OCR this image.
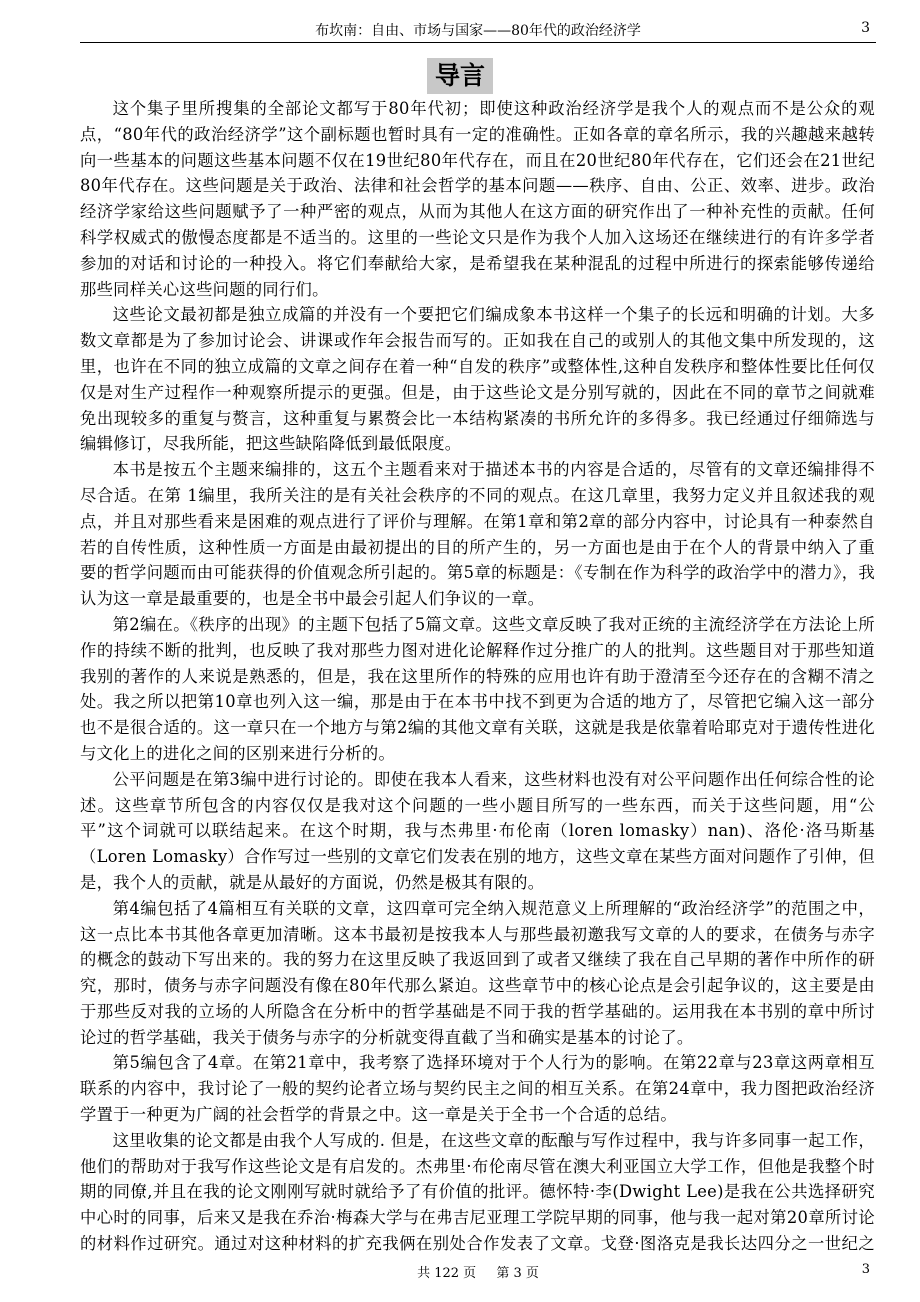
布坎南：自由、市场与国家——80年代的政治经济学	3
导言

这个集子里所搜集的全部论文都写于80年代初；即使这种政治经济学是我个人的观点而不是公众的观点，“80年代的政治经济学”这个副标题也暂时具有一定的准确性。正如各章的章名所示，我的兴趣越来越转向一些基本的问题这些基本问题不仅在19世纪80年代存在，而且在20世纪80年代存在，它们还会在21世纪80年代存在。这些问题是关于政治、法律和社会哲学的基本问题——秩序、自由、公正、效率、进步。政治经济学家给这些问题赋予了一种严密的观点，从而为其他人在这方面的研究作出了一种补充性的贡献。任何科学权威式的傲慢态度都是不适当的。这里的一些论文只是作为我个人加入这场还在继续进行的有许多学者参加的对话和讨论的一种投入。将它们奉献给大家，是希望我在某种混乱的过程中所进行的探索能够传递给那些同样关心这些问题的同行们。

这些论文最初都是独立成篇的并没有一个要把它们编成象本书这样一个集子的长远和明确的计划。大多数文章都是为了参加讨论会、讲课或作年会报告而写的。正如我在自己的或别人的其他文集中所发现的，这里，也许在不同的独立成篇的文章之间存在着一种“自发的秩序”或整体性,这种自发秩序和整体性要比任何仅仅是对生产过程作一种观察所提示的更强。但是，由于这些论文是分别写就的，因此在不同的章节之间就难免出现较多的重复与赘言，这种重复与累赘会比一本结构紧凑的书所允许的多得多。我已经通过仔细筛选与编辑修订，尽我所能，把这些缺陷降低到最低限度。

本书是按五个主题来编排的，这五个主题看来对于描述本书的内容是合适的，尽管有的文章还编排得不尽合适。在第 1编里，我所关注的是有关社会秩序的不同的观点。在这几章里，我努力定义并且叙述我的观点，并且对那些看来是困难的观点进行了评价与理解。在第1章和第2章的部分内容中，讨论具有一种泰然自若的自传性质，这种性质一方面是由最初提出的目的所产生的，另一方面也是由于在个人的背景中纳入了重要的哲学问题而由可能获得的价值观念所引起的。第5章的标题是：《专制在作为科学的政治学中的潜力》，我认为这一章是最重要的，也是全书中最会引起人们争议的一章。

第2编在。《秩序的出现》的主题下包括了5篇文章。这些文章反映了我对正统的主流经济学在方法论上所作的持续不断的批判，也反映了我对那些力图对进化论解释作过分推广的人的批判。这些题目对于那些知道我别的著作的人来说是熟悉的，但是，我在这里所作的特殊的应用也许有助于澄清至今还存在的含糊不清之处。我之所以把第10章也列入这一编，那是由于在本书中找不到更为合适的地方了，尽管把它编入这一部分也不是很合适的。这一章只在一个地方与第2编的其他文章有关联，这就是我是依靠着哈耶克对于遗传性进化与文化上的进化之间的区别来进行分析的。

公平问题是在第3编中进行讨论的。即使在我本人看来，这些材料也没有对公平问题作出任何综合性的论述。这些章节所包含的内容仅仅是我对这个问题的一些小题目所写的一些东西，而关于这些问题，用“公平”这个词就可以联结起来。在这个时期，我与杰弗里·布伦南（loren lomasky）nan)、洛伦·洛马斯基（Loren Lomasky）合作写过一些别的文章它们发表在别的地方，这些文章在某些方面对问题作了引伸，但是，我个人的贡献，就是从最好的方面说，仍然是极其有限的。

第4编包括了4篇相互有关联的文章，这四章可完全纳入规范意义上所理解的“政治经济学”的范围之中，这一点比本书其他各章更加清晰。这本书最初是按我本人与那些最初邀我写文章的人的要求，在债务与赤字的概念的鼓动下写出来的。我的努力在这里反映了我返回到了或者又继续了我在自己早期的著作中所作的研究，那时，债务与赤字问题没有像在80年代那么紧迫。这些章节中的核心论点是会引起争议的，这主要是由于那些反对我的立场的人所隐含在分析中的哲学基础是不同于我的哲学基础的。运用我在本书别的章中所讨论过的哲学基础，我关于债务与赤字的分析就变得直截了当和确实是基本的讨论了。

第5编包含了4章。在第21章中，我考察了选择环境对于个人行为的影响。在第22章与23章这两章相互联系的内容中，我讨论了一般的契约论者立场与契约民主之间的相互关系。在第24章中，我力图把政治经济学置于一种更为广阔的社会哲学的背景之中。这一章是关于全书一个合适的总结。

这里收集的论文都是由我个人写成的. 但是，在这些文章的酝酿与写作过程中，我与许多同事一起工作，他们的帮助对于我写作这些论文是有启发的。杰弗里·布伦南尽管在澳大利亚国立大学工作，但他是我整个时期的同僚,并且在我的论文刚刚写就时就给予了有价值的批评。德怀特·李(Dwight Lee)是我在公共选择研究中心时的同事，后来又是我在乔治·梅森大学与在弗吉尼亚理工学院早期的同事，他与我一起对第20章所讨论的材料作过研究。通过对这种材料的扩充我俩在别处合作发表了文章。戈登·图洛克是我长达四分之一世纪之

共 122 页 第 3 页	3
